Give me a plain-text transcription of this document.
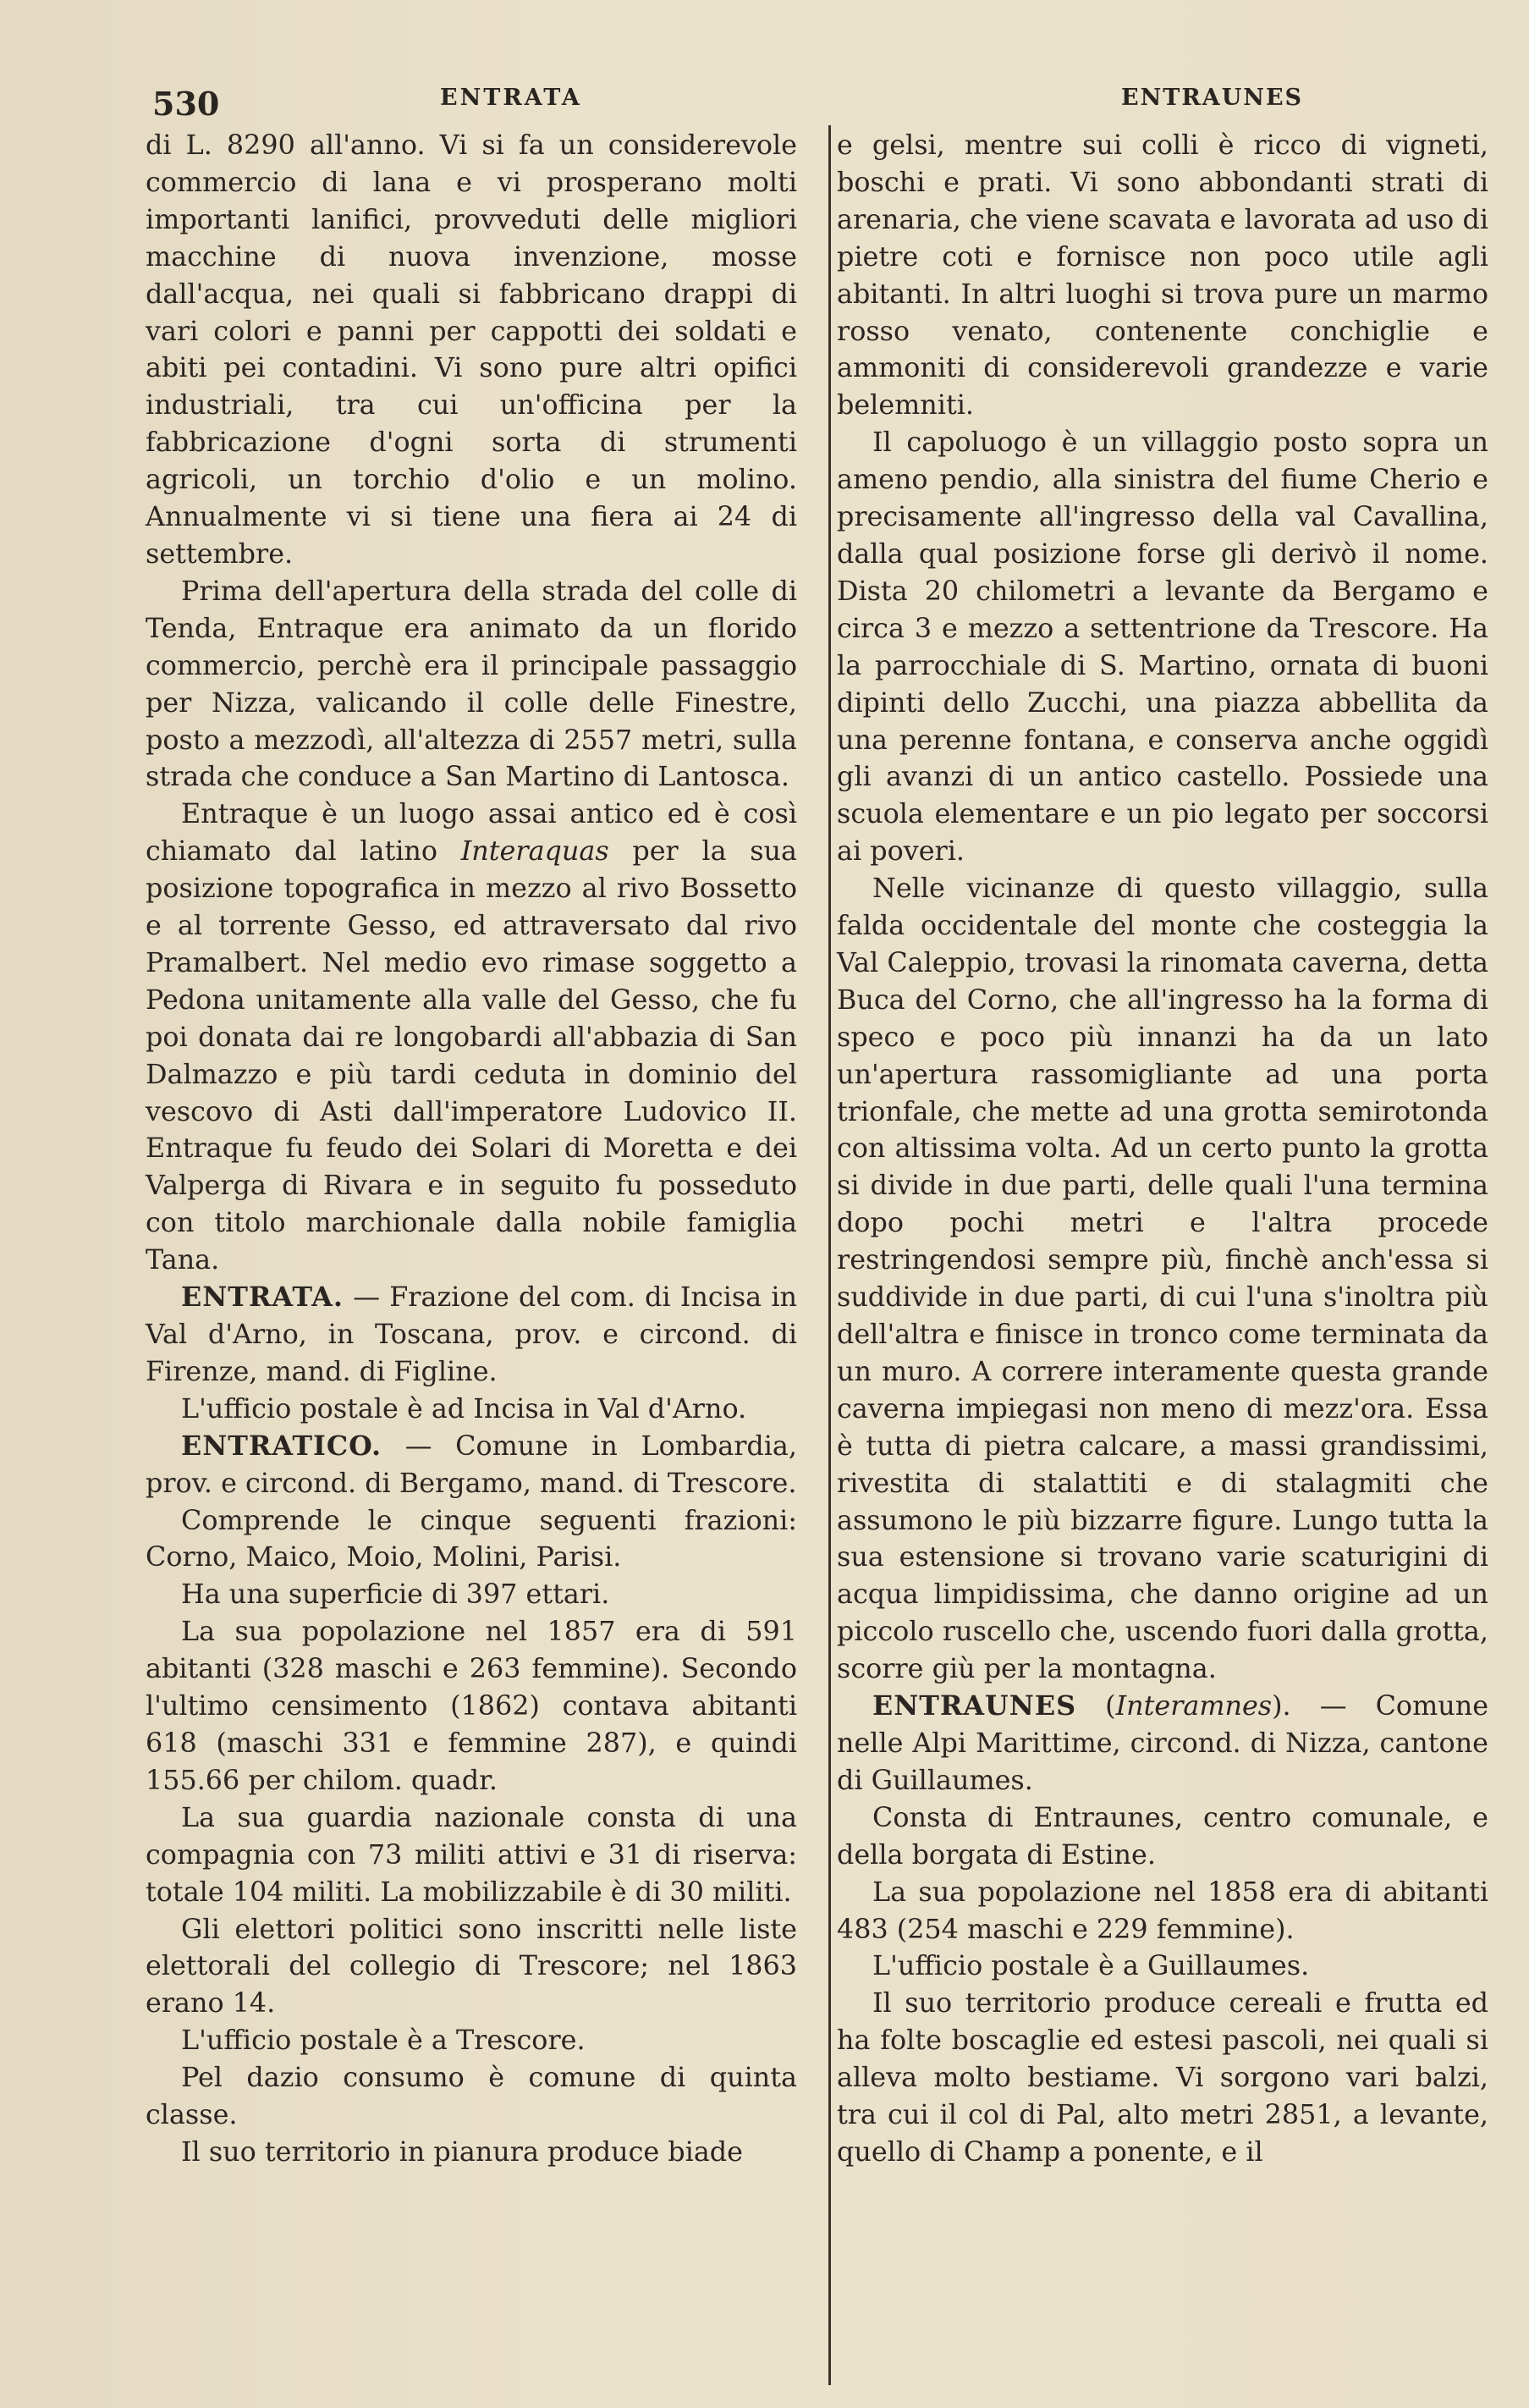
530	ENTRATA	ENTRAUNES

di L. 8290 all'anno. Vi si fa un considerevole commercio di lana e vi prosperano molti importanti lanifici, provveduti delle migliori macchine di nuova invenzione, mosse dall'acqua, nei quali si fabbricano drappi di vari colori e panni per cappotti dei soldati e abiti pei contadini. Vi sono pure altri opifici industriali, tra cui un'officina per la fabbricazione d'ogni sorta di strumenti agricoli, un torchio d'olio e un molino. Annualmente vi si tiene una fiera ai 24 di settembre.

Prima dell'apertura della strada del colle di Tenda, Entraque era animato da un florido commercio, perchè era il principale passaggio per Nizza, valicando il colle delle Finestre, posto a mezzodì, all'altezza di 2557 metri, sulla strada che conduce a San Martino di Lantosca.

Entraque è un luogo assai antico ed è così chiamato dal latino Interaquas per la sua posizione topografica in mezzo al rivo Bossetto e al torrente Gesso, ed attraversato dal rivo Pramalbert. Nel medio evo rimase soggetto a Pedona unitamente alla valle del Gesso, che fu poi donata dai re longobardi all'abbazia di San Dalmazzo e più tardi ceduta in dominio del vescovo di Asti dall'imperatore Ludovico II. Entraque fu feudo dei Solari di Moretta e dei Valperga di Rivara e in seguito fu posseduto con titolo marchionale dalla nobile famiglia Tana.

ENTRATA. — Frazione del com. di Incisa in Val d'Arno, in Toscana, prov. e circond. di Firenze, mand. di Figline.

L'ufficio postale è ad Incisa in Val d'Arno.

ENTRATICO. — Comune in Lombardia, prov. e circond. di Bergamo, mand. di Trescore.

Comprende le cinque seguenti frazioni: Corno, Maico, Moio, Molini, Parisi.

Ha una superficie di 397 ettari.

La sua popolazione nel 1857 era di 591 abitanti (328 maschi e 263 femmine). Secondo l'ultimo censimento (1862) contava abitanti 618 (maschi 331 e femmine 287), e quindi 155.66 per chilom. quadr.

La sua guardia nazionale consta di una compagnia con 73 militi attivi e 31 di riserva: totale 104 militi. La mobilizzabile è di 30 militi.

Gli elettori politici sono inscritti nelle liste elettorali del collegio di Trescore; nel 1863 erano 14.

L'ufficio postale è a Trescore.

Pel dazio consumo è comune di quinta classe.

Il suo territorio in pianura produce biade

e gelsi, mentre sui colli è ricco di vigneti, boschi e prati. Vi sono abbondanti strati di arenaria, che viene scavata e lavorata ad uso di pietre coti e fornisce non poco utile agli abitanti. In altri luoghi si trova pure un marmo rosso venato, contenente conchiglie e ammoniti di considerevoli grandezze e varie belemniti.

Il capoluogo è un villaggio posto sopra un ameno pendio, alla sinistra del fiume Cherio e precisamente all'ingresso della val Cavallina, dalla qual posizione forse gli derivò il nome. Dista 20 chilometri a levante da Bergamo e circa 3 e mezzo a settentrione da Trescore. Ha la parrocchiale di S. Martino, ornata di buoni dipinti dello Zucchi, una piazza abbellita da una perenne fontana, e conserva anche oggidì gli avanzi di un antico castello. Possiede una scuola elementare e un pio legato per soccorsi ai poveri.

Nelle vicinanze di questo villaggio, sulla falda occidentale del monte che costeggia la Val Caleppio, trovasi la rinomata caverna, detta Buca del Corno, che all'ingresso ha la forma di speco e poco più innanzi ha da un lato un'apertura rassomigliante ad una porta trionfale, che mette ad una grotta semirotonda con altissima volta. Ad un certo punto la grotta si divide in due parti, delle quali l'una termina dopo pochi metri e l'altra procede restringendosi sempre più, finchè anch'essa si suddivide in due parti, di cui l'una s'inoltra più dell'altra e finisce in tronco come terminata da un muro. A correre interamente questa grande caverna impiegasi non meno di mezz'ora. Essa è tutta di pietra calcare, a massi grandissimi, rivestita di stalattiti e di stalagmiti che assumono le più bizzarre figure. Lungo tutta la sua estensione si trovano varie scaturigini di acqua limpidissima, che danno origine ad un piccolo ruscello che, uscendo fuori dalla grotta, scorre giù per la montagna.

ENTRAUNES (Interamnes). — Comune nelle Alpi Marittime, circond. di Nizza, cantone di Guillaumes.

Consta di Entraunes, centro comunale, e della borgata di Estine.

La sua popolazione nel 1858 era di abitanti 483 (254 maschi e 229 femmine).

L'ufficio postale è a Guillaumes.

Il suo territorio produce cereali e frutta ed ha folte boscaglie ed estesi pascoli, nei quali si alleva molto bestiame. Vi sorgono vari balzi, tra cui il col di Pal, alto metri 2851, a levante, quello di Champ a ponente, e il
